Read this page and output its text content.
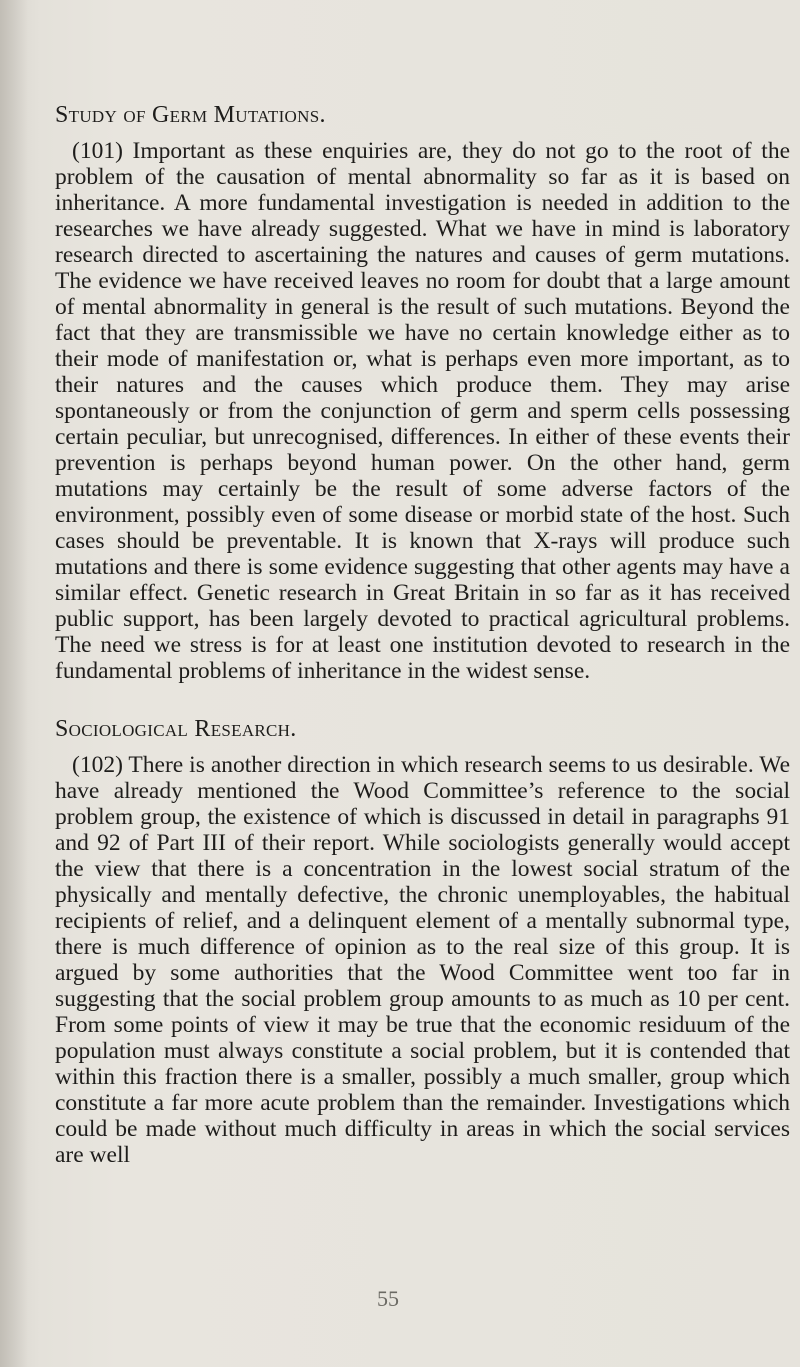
Study of Germ Mutations.

(101) Important as these enquiries are, they do not go to the root of the problem of the causation of mental abnormality so far as it is based on inheritance. A more fundamental investigation is needed in addition to the researches we have already suggested. What we have in mind is laboratory research directed to ascertaining the natures and causes of germ mutations. The evidence we have received leaves no room for doubt that a large amount of mental abnormality in general is the result of such mutations. Beyond the fact that they are transmissible we have no certain knowledge either as to their mode of manifestation or, what is perhaps even more important, as to their natures and the causes which produce them. They may arise spontaneously or from the conjunction of germ and sperm cells possessing certain peculiar, but unrecognised, differences. In either of these events their prevention is perhaps beyond human power. On the other hand, germ mutations may certainly be the result of some adverse factors of the environment, possibly even of some disease or morbid state of the host. Such cases should be preventable. It is known that X-rays will produce such mutations and there is some evidence suggesting that other agents may have a similar effect. Genetic research in Great Britain in so far as it has received public support, has been largely devoted to practical agricultural problems. The need we stress is for at least one institution devoted to research in the fundamental problems of inheritance in the widest sense.

Sociological Research.

(102) There is another direction in which research seems to us desirable. We have already mentioned the Wood Committee’s reference to the social problem group, the existence of which is discussed in detail in paragraphs 91 and 92 of Part III of their report. While sociologists generally would accept the view that there is a concentration in the lowest social stratum of the physically and mentally defective, the chronic unemployables, the habitual recipients of relief, and a delinquent element of a mentally subnormal type, there is much difference of opinion as to the real size of this group. It is argued by some authorities that the Wood Committee went too far in suggesting that the social problem group amounts to as much as 10 per cent. From some points of view it may be true that the economic residuum of the population must always constitute a social problem, but it is contended that within this fraction there is a smaller, possibly a much smaller, group which constitute a far more acute problem than the remainder. Investigations which could be made without much difficulty in areas in which the social services are well

55
